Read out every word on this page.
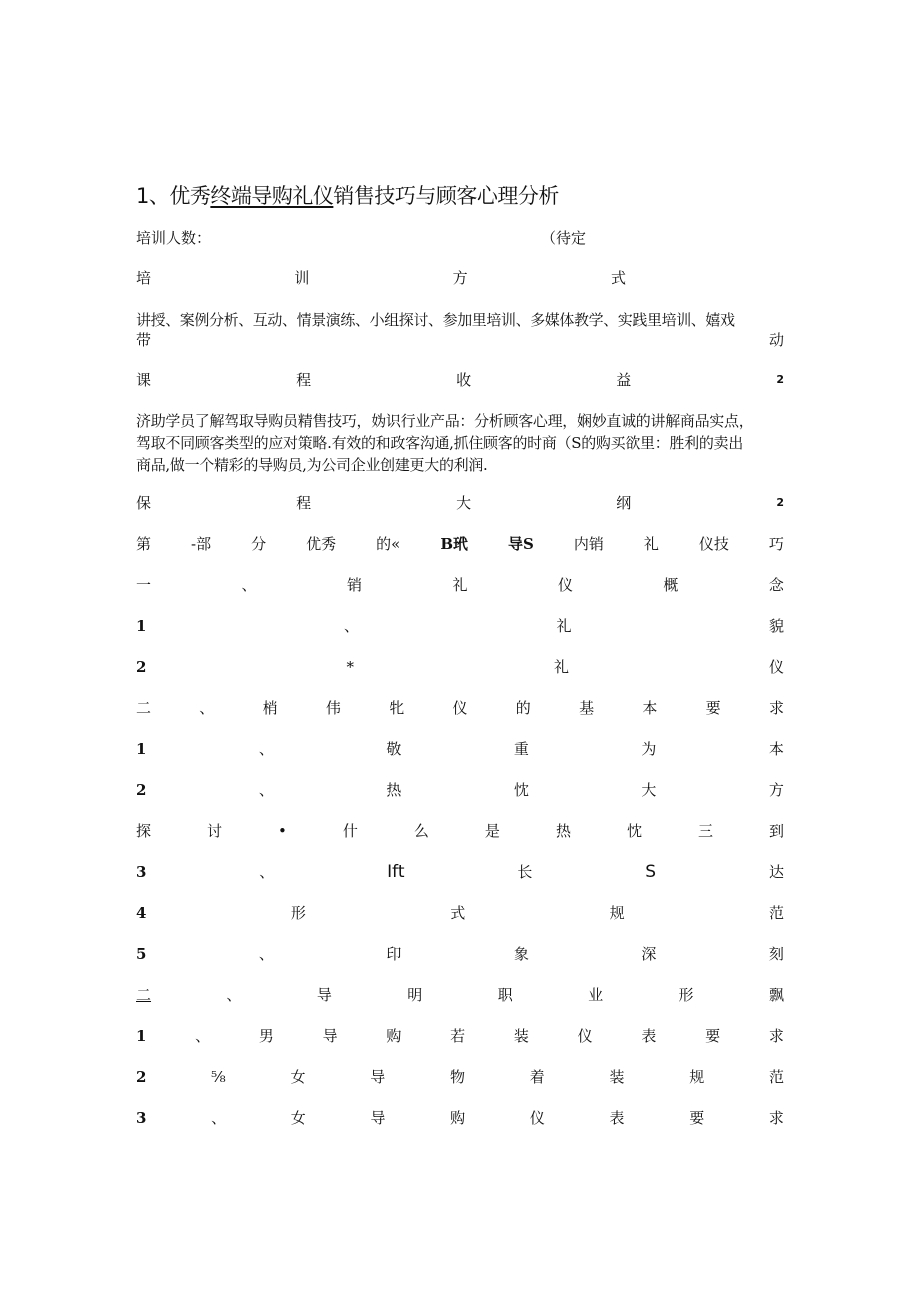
1、优秀终端导购礼仪销售技巧与顾客心理分析
培训人数：	（待定
培	训	方	式
讲授、案例分析、互动、情景演练、小组探讨、参加里培训、多媒体教学、实践里培训、嬉戏
带	动
课	程	收	益	2

济助学员了解驾取导购员精售技巧，妫识行业产品：分析顾客心理，娴妙直诚的讲解商品实点，

驾取不同顾客类型的应对策略.有效的和政客沟通,抓住顾客的时商（S的购买欲里：胜利的卖出

商品,做一个精彩的导购员,为公司企业创建更大的利润.

保	程	大	纲	2
第	-部	分	优秀	的«	B玳	导S	内销	礼	仪技	巧
一	、	销	礼	仪	概	念
1	、	礼	貌
2	*	礼	仪
二	、	梢	伟	牝	仪	的	基	本	要	求
1	、	敬	重	为	本
2	、	热	忱	大	方
探	讨	•	什	么	是	热	忱	三	到
3	、	Ift	长	S	达
4	形	式	规	范
5	、	印	象	深	刻
二	、	导	明	职	业	形	飘
1	、	男	导	购	若	装	仪	表	要	求
2	⅝	女	导	物	着	装	规	范
3	、	女	导	购	仪	表	要	求
